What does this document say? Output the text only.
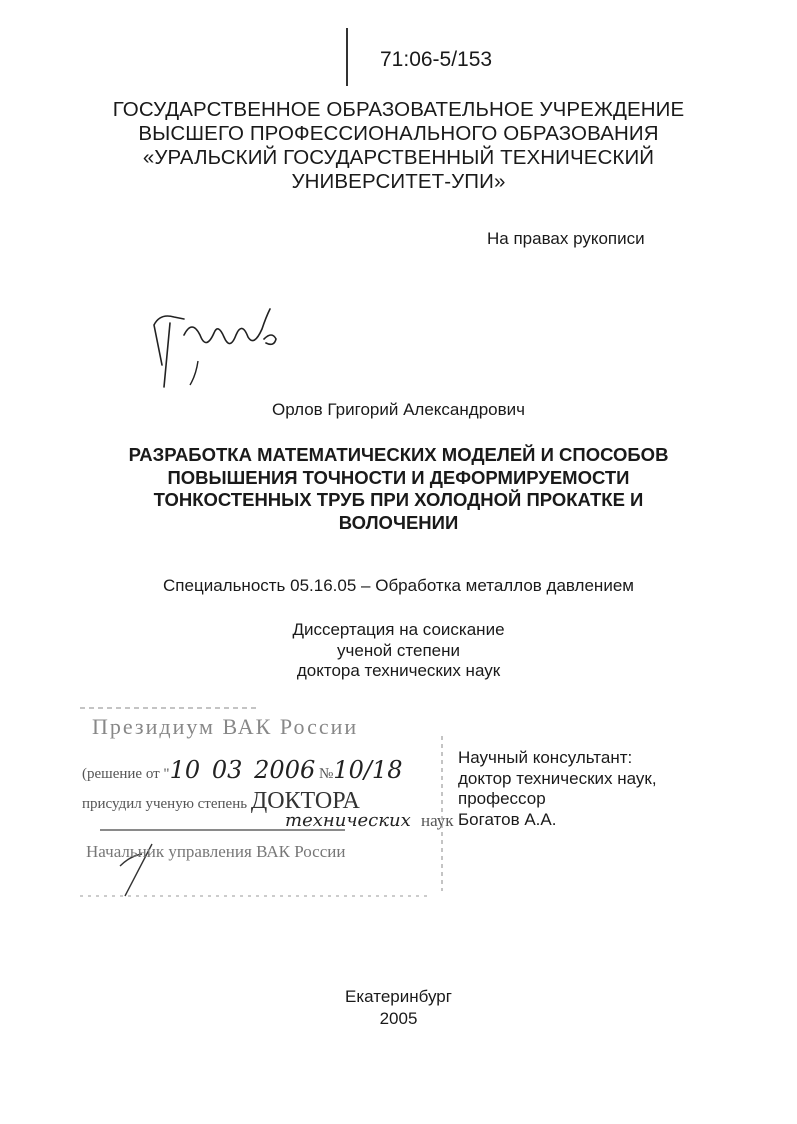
71:06-5/153
ГОСУДАРСТВЕННОЕ ОБРАЗОВАТЕЛЬНОЕ УЧРЕЖДЕНИЕ
ВЫСШЕГО ПРОФЕССИОНАЛЬНОГО ОБРАЗОВАНИЯ
«УРАЛЬСКИЙ ГОСУДАРСТВЕННЫЙ ТЕХНИЧЕСКИЙ
УНИВЕРСИТЕТ-УПИ»
На правах рукописи
Орлов Григорий Александрович
РАЗРАБОТКА МАТЕМАТИЧЕСКИХ МОДЕЛЕЙ И СПОСОБОВ
ПОВЫШЕНИЯ ТОЧНОСТИ И ДЕФОРМИРУЕМОСТИ
ТОНКОСТЕННЫХ ТРУБ ПРИ ХОЛОДНОЙ ПРОКАТКЕ И
ВОЛОЧЕНИИ
Специальность 05.16.05 – Обработка металлов давлением
Диссертация на соискание
ученой степени
доктора технических наук
Президиум ВАК России
(решение от "10 03 2006 №10/18
присудил ученую степень ДОКТОРА
технических наук
Начальник управления ВАК России
Научный консультант:
доктор технических наук,
профессор
Богатов А.А.
Екатеринбург
2005
